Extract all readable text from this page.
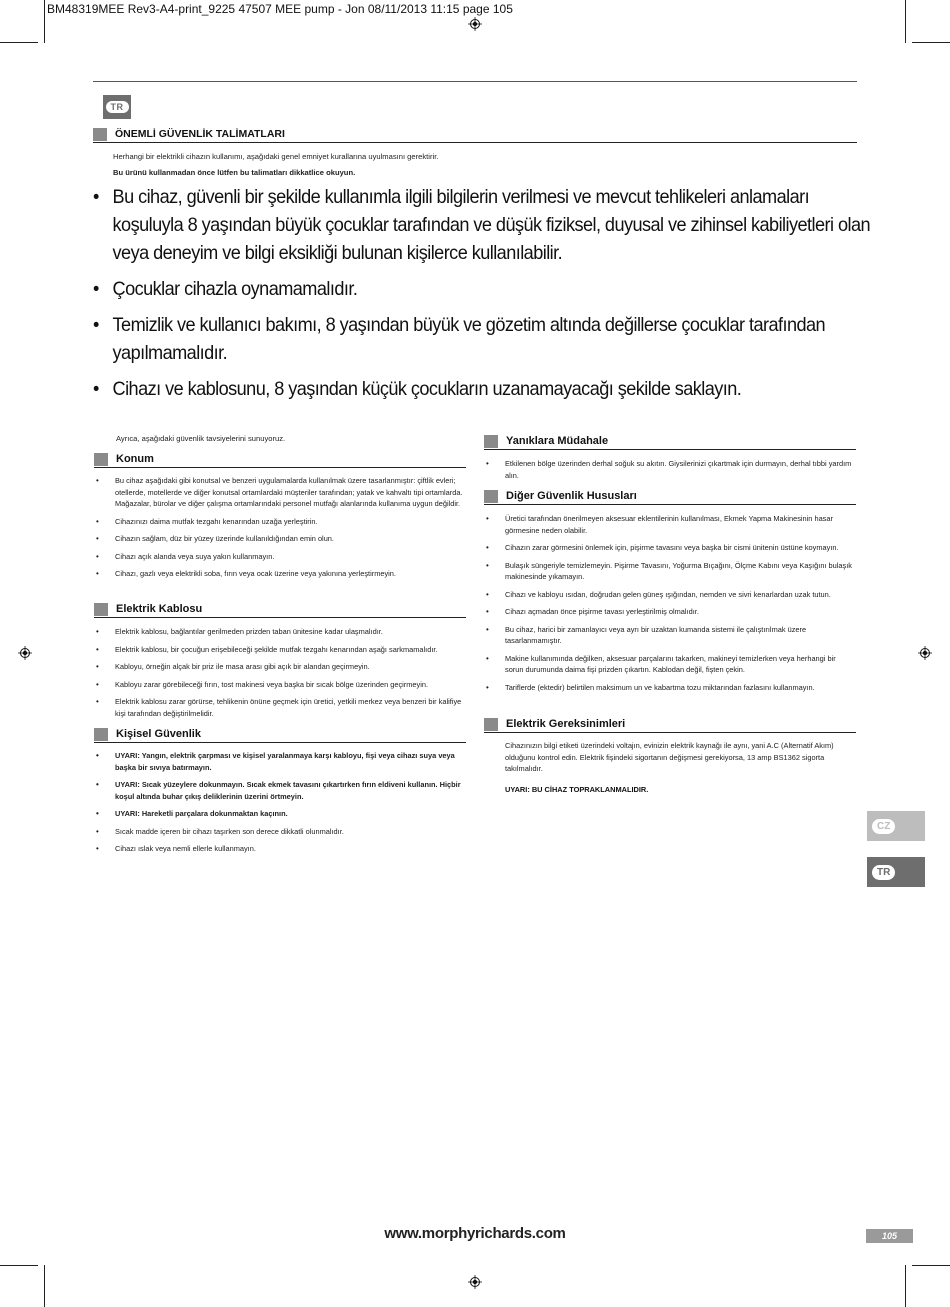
BM48319MEE Rev3-A4-print_9225 47507 MEE pump - Jon 08/11/2013 11:15 page 105
TR
ÖNEMLİ GÜVENLİK TALİMATLARI
Herhangi bir elektrikli cihazın kullanımı, aşağıdaki genel emniyet kurallarına uyulmasını gerektirir.
Bu ürünü kullanmadan önce lütfen bu talimatları dikkatlice okuyun.
• Bu cihaz, güvenli bir şekilde kullanımla ilgili bilgilerin verilmesi ve mevcut tehlikeleri anlamaları koşuluyla 8 yaşından büyük çocuklar tarafından ve düşük fiziksel, duyusal ve zihinsel kabiliyetleri olan veya deneyim ve bilgi eksikliği bulunan kişilerce kullanılabilir.
• Çocuklar cihazla oynamamalıdır.
• Temizlik ve kullanıcı bakımı, 8 yaşından büyük ve gözetim altında değillerse çocuklar tarafından yapılmamalıdır.
• Cihazı ve kablosunu, 8 yaşından küçük çocukların uzanamayacağı şekilde saklayın.
Ayrıca, aşağıdaki güvenlik tavsiyelerini sunuyoruz.
Konum
• Bu cihaz aşağıdaki gibi konutsal ve benzeri uygulamalarda kullanılmak üzere tasarlanmıştır: çiftlik evleri; otellerde, motellerde ve diğer konutsal ortamlardaki müşteriler tarafından; yatak ve kahvaltı tipi ortamlarda. Mağazalar, bürolar ve diğer çalışma ortamlarındaki personel mutfağı alanlarında kullanıma uygun değildir.
• Cihazınızı daima mutfak tezgahı kenarından uzağa yerleştirin.
• Cihazın sağlam, düz bir yüzey üzerinde kullanıldığından emin olun.
• Cihazı açık alanda veya suya yakın kullanmayın.
• Cihazı, gazlı veya elektrikli soba, fırın veya ocak üzerine veya yakınına yerleştirmeyin.
Elektrik Kablosu
• Elektrik kablosu, bağlantılar gerilmeden prizden taban ünitesine kadar ulaşmalıdır.
• Elektrik kablosu, bir çocuğun erişebileceği şekilde mutfak tezgahı kenarından aşağı sarkmamalıdır.
• Kabloyu, örneğin alçak bir priz ile masa arası gibi açık bir alandan geçirmeyin.
• Kabloyu zarar görebileceği fırın, tost makinesi veya başka bir sıcak bölge üzerinden geçirmeyin.
• Elektrik kablosu zarar görürse, tehlikenin önüne geçmek için üretici, yetkili merkez veya benzeri bir kalifiye kişi tarafından değiştirilmelidir.
Kişisel Güvenlik
• UYARI: Yangın, elektrik çarpması ve kişisel yaralanmaya karşı kabloyu, fişi veya cihazı suya veya başka bir sıvıya batırmayın.
• UYARI: Sıcak yüzeylere dokunmayın. Sıcak ekmek tavasını çıkartırken fırın eldiveni kullanın. Hiçbir koşul altında buhar çıkış deliklerinin üzerini örtmeyin.
• UYARI: Hareketli parçalara dokunmaktan kaçının.
• Sıcak madde içeren bir cihazı taşırken son derece dikkatli olunmalıdır.
• Cihazı ıslak veya nemli ellerle kullanmayın.
Yanıklara Müdahale
• Etkilenen bölge üzerinden derhal soğuk su akıtın. Giysilerinizi çıkartmak için durmayın, derhal tıbbi yardım alın.
Diğer Güvenlik Hususları
• Üretici tarafından önerilmeyen aksesuar eklentilerinin kullanılması, Ekmek Yapma Makinesinin hasar görmesine neden olabilir.
• Cihazın zarar görmesini önlemek için, pişirme tavasını veya başka bir cismi ünitenin üstüne koymayın.
• Bulaşık süngeriyle temizlemeyin. Pişirme Tavasını, Yoğurma Bıçağını, Ölçme Kabını veya Kaşığını bulaşık makinesinde yıkamayın.
• Cihazı ve kabloyu ısıdan, doğrudan gelen güneş ışığından, nemden ve sivri kenarlardan uzak tutun.
• Cihazı açmadan önce pişirme tavası yerleştirilmiş olmalıdır.
• Bu cihaz, harici bir zamanlayıcı veya ayrı bir uzaktan kumanda sistemi ile çalıştırılmak üzere tasarlanmamıştır.
• Makine kullanımında değilken, aksesuar parçalarını takarken, makineyi temizlerken veya herhangi bir sorun durumunda daima fişi prizden çıkartın. Kablodan değil, fişten çekin.
• Tariflerde (ektedir) belirtilen maksimum un ve kabartma tozu miktarından fazlasını kullanmayın.
Elektrik Gereksinimleri
Cihazınızın bilgi etiketi üzerindeki voltajın, evinizin elektrik kaynağı ile aynı, yani A.C (Alternatif Akım) olduğunu kontrol edin. Elektrik fişindeki sigortanın değişmesi gerekiyorsa, 13 amp BS1362 sigorta takılmalıdır.
UYARI: BU CİHAZ TOPRAKLANMALIDIR.
CZ
TR
www.morphyrichards.com	105
